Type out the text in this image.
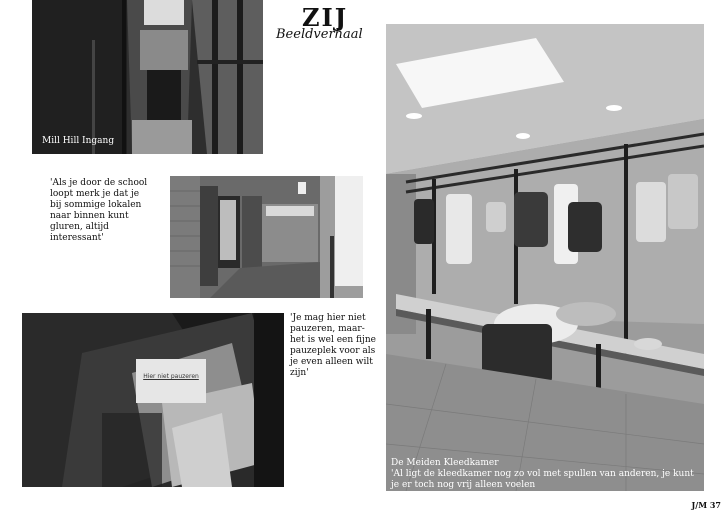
ZIJ
Beeldverhaal
Mill Hill Ingang
'Als je door de school loopt merk je dat je bij sommige lokalen naar binnen kunt gluren, altijd interessant'
'Je mag hier niet pauzeren, maar- het is wel een fijne pauzeplek voor als je even alleen wilt zijn'
Hier niet pauzeren
De Meiden Kleedkamer
'Al ligt de kleedkamer nog zo vol met spullen van anderen, je kunt je er toch nog vrij alleen voelen
J/M 37
